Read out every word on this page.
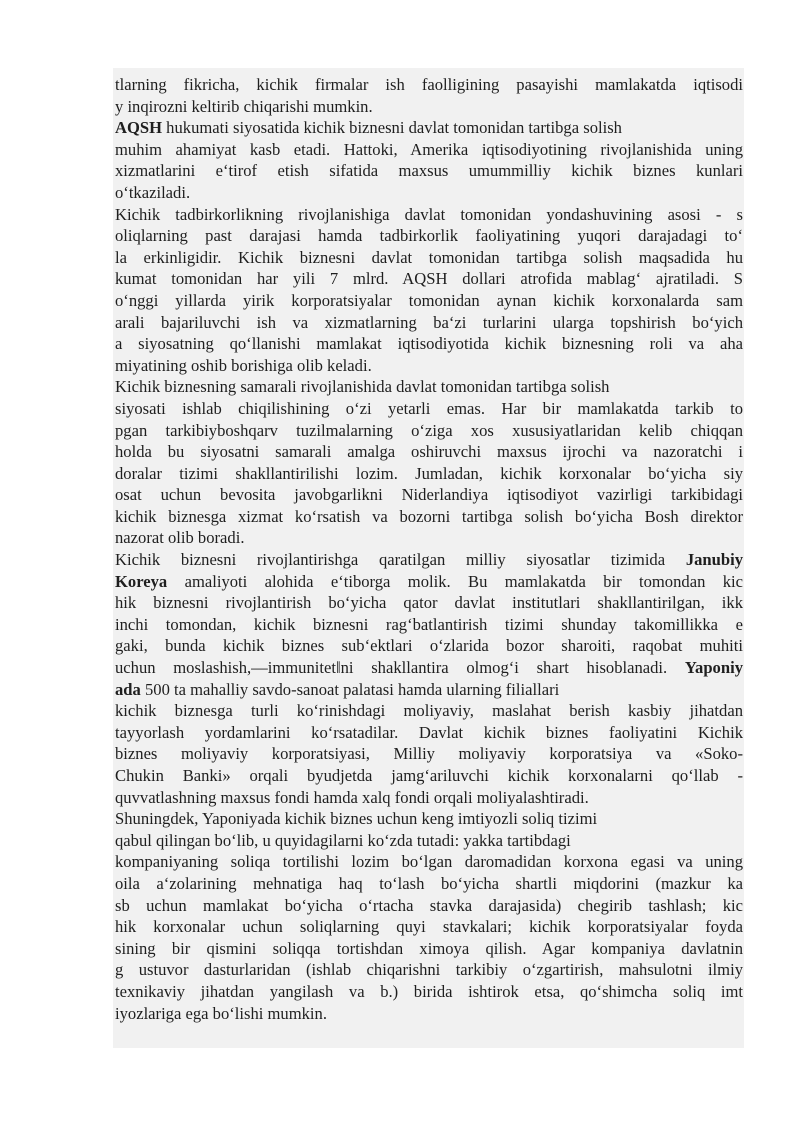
tlarning fikricha, kichik firmalar ish faolligining pasayishi mamlakatda iqtisodi
y inqirozni keltirib chiqarishi mumkin.
AQSH hukumati siyosatida kichik biznesni davlat tomonidan tartibga solish
muhim ahamiyat kasb etadi. Hattoki, Amerika iqtisodiyotining rivojlanishida uning
xizmatlarini e‘tirof etish sifatida maxsus umummilliy kichik biznes kunlari
o‘tkaziladi.
Kichik tadbirkorlikning rivojlanishiga davlat tomonidan yondashuvining asosi - s
oliqlarning past darajasi hamda tadbirkorlik faoliyatining yuqori darajadagi to‘
la erkinligidir. Kichik biznesni davlat tomonidan tartibga solish maqsadida hu
kumat tomonidan har yili 7 mlrd. AQSH dollari atrofida mablag‘ ajratiladi. S
o‘nggi yillarda yirik korporatsiyalar tomonidan aynan kichik korxonalarda sam
arali bajariluvchi ish va xizmatlarning ba‘zi turlarini ularga topshirish bo‘yich
a siyosatning qo‘llanishi mamlakat iqtisodiyotida kichik biznesning roli va aha
miyatining oshib borishiga olib keladi.
Kichik biznesning samarali rivojlanishida davlat tomonidan tartibga solish
siyosati ishlab chiqilishining o‘zi yetarli emas. Har bir mamlakatda tarkib to
pgan tarkibiyboshqarv tuzilmalarning o‘ziga xos xususiyatlaridan kelib chiqqan
holda bu siyosatni samarali amalga oshiruvchi maxsus ijrochi va nazoratchi i
doralar tizimi shakllantirilishi lozim. Jumladan, kichik korxonalar bo‘yicha siy
osat uchun bevosita javobgarlikni Niderlandiya iqtisodiyot vazirligi tarkibidagi
kichik biznesga xizmat ko‘rsatish va bozorni tartibga solish bo‘yicha Bosh direktor
nazorat olib boradi.
Kichik biznesni rivojlantirishga qaratilgan milliy siyosatlar tizimida Janubiy
Koreya amaliyoti alohida e‘tiborga molik. Bu mamlakatda bir tomondan kic
hik biznesni rivojlantirish bo‘yicha qator davlat institutlari shakllantirilgan, ikk
inchi tomondan, kichik biznesni rag‘batlantirish tizimi shunday takomillikka e
gaki, bunda kichik biznes sub‘ektlari o‘zlarida bozor sharoiti, raqobat muhiti
uchun moslashish,―immunitet‖ni shakllantira olmog‘i shart hisoblanadi. Yaponiy
ada 500 ta mahalliy savdo-sanoat palatasi hamda ularning filiallari
kichik biznesga turli ko‘rinishdagi moliyaviy, maslahat berish kasbiy jihatdan
tayyorlash yordamlarini ko‘rsatadilar. Davlat kichik biznes faoliyatini Kichik
biznes moliyaviy korporatsiyasi, Milliy moliyaviy korporatsiya va «Soko-
Chukin Banki» orqali byudjetda jamg‘ariluvchi kichik korxonalarni qo‘llab -
quvvatlashning maxsus fondi hamda xalq fondi orqali moliyalashtiradi.
Shuningdek, Yaponiyada kichik biznes uchun keng imtiyozli soliq tizimi
qabul qilingan bo‘lib, u quyidagilarni ko‘zda tutadi: yakka tartibdagi
kompaniyaning soliqa tortilishi lozim bo‘lgan daromadidan korxona egasi va uning
oila a‘zolarining mehnatiga haq to‘lash bo‘yicha shartli miqdorini (mazkur ka
sb uchun mamlakat bo‘yicha o‘rtacha stavka darajasida) chegirib tashlash; kic
hik korxonalar uchun soliqlarning quyi stavkalari; kichik korporatsiyalar foyda
sining bir qismini soliqqa tortishdan ximoya qilish. Agar kompaniya davlatnin
g ustuvor dasturlaridan (ishlab chiqarishni tarkibiy o‘zgartirish, mahsulotni ilmiy
texnikaviy jihatdan yangilash va b.) birida ishtirok etsa, qo‘shimcha soliq imt
iyozlariga ega bo‘lishi mumkin.
